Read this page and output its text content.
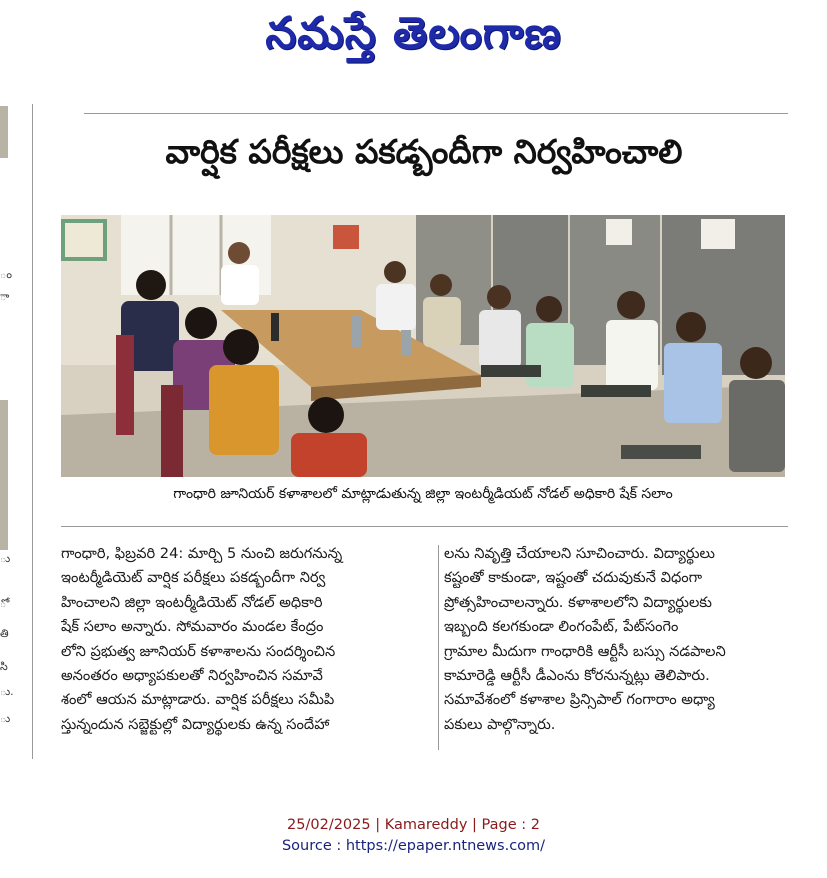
నమస్తే తెలంగాణ
ం
ా
ు
ో
తి
సి
ు.
ు
వార్షిక పరీక్షలు పకడ్బందీగా నిర్వహించాలి
గాంధారి జూనియర్ కళాశాలలో మాట్లాడుతున్న జిల్లా ఇంటర్మీడియట్ నోడల్ అధికారి షేక్ సలాం
గాంధారి, ఫిబ్రవరి 24: మార్చి 5 నుంచి జరుగనున్న
ఇంటర్మీడియెట్ వార్షిక పరీక్షలు పకడ్బందీగా నిర్వ
హించాలని జిల్లా ఇంటర్మీడియెట్ నోడల్ అధికారి
షేక్ సలాం అన్నారు. సోమవారం మండల కేంద్రం
లోని ప్రభుత్వ జూనియర్ కళాశాలను సందర్శించిన
అనంతరం అధ్యాపకులతో నిర్వహించిన సమావే
శంలో ఆయన మాట్లాడారు. వార్షిక పరీక్షలు సమీపి
స్తున్నందున సబ్జెక్టుల్లో విద్యార్థులకు ఉన్న సందేహా
లను నివృత్తి చేయాలని సూచించారు. విద్యార్థులు
కష్టంతో కాకుండా, ఇష్టంతో చదువుకునే విధంగా
ప్రోత్సహించాలన్నారు. కళాశాలలోని విద్యార్థులకు
ఇబ్బంది కలగకుండా లింగంపేట్, పేట్‌సంగెం
గ్రామాల మీదుగా గాంధారికి ఆర్టీసీ బస్సు నడపాలని
కామారెడ్డి ఆర్టీసీ డీఎంను కోరనున్నట్లు తెలిపారు.
సమావేశంలో కళాశాల ప్రిన్సిపాల్ గంగారాం అధ్యా
పకులు పాల్గొన్నారు.
25/02/2025 | Kamareddy | Page : 2
Source : https://epaper.ntnews.com/
